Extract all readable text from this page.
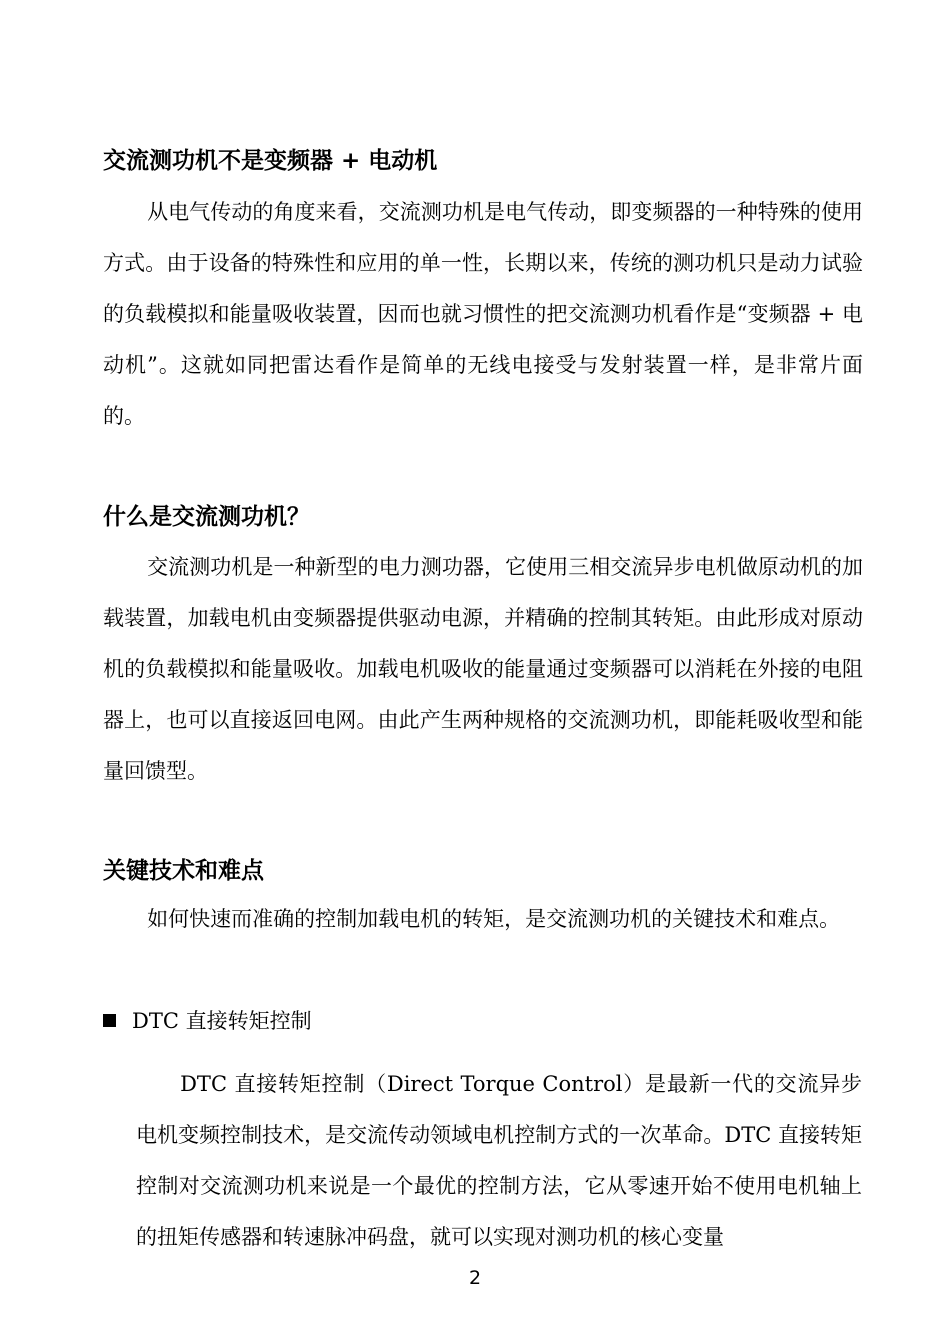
交流测功机不是变频器 + 电动机

从电气传动的角度来看，交流测功机是电气传动，即变频器的一种特殊的使用方式。由于设备的特殊性和应用的单一性，长期以来，传统的测功机只是动力试验的负载模拟和能量吸收装置，因而也就习惯性的把交流测功机看作是“变频器 + 电动机”。这就如同把雷达看作是简单的无线电接受与发射装置一样，是非常片面的。

什么是交流测功机？

交流测功机是一种新型的电力测功器，它使用三相交流异步电机做原动机的加载装置，加载电机由变频器提供驱动电源，并精确的控制其转矩。由此形成对原动机的负载模拟和能量吸收。加载电机吸收的能量通过变频器可以消耗在外接的电阻器上，也可以直接返回电网。由此产生两种规格的交流测功机，即能耗吸收型和能量回馈型。

关键技术和难点

如何快速而准确的控制加载电机的转矩，是交流测功机的关键技术和难点。

DTC 直接转矩控制

DTC 直接转矩控制（Direct Torque Control）是最新一代的交流异步电机变频控制技术，是交流传动领域电机控制方式的一次革命。DTC 直接转矩控制对交流测功机来说是一个最优的控制方法，它从零速开始不使用电机轴上的扭矩传感器和转速脉冲码盘，就可以实现对测功机的核心变量

2
